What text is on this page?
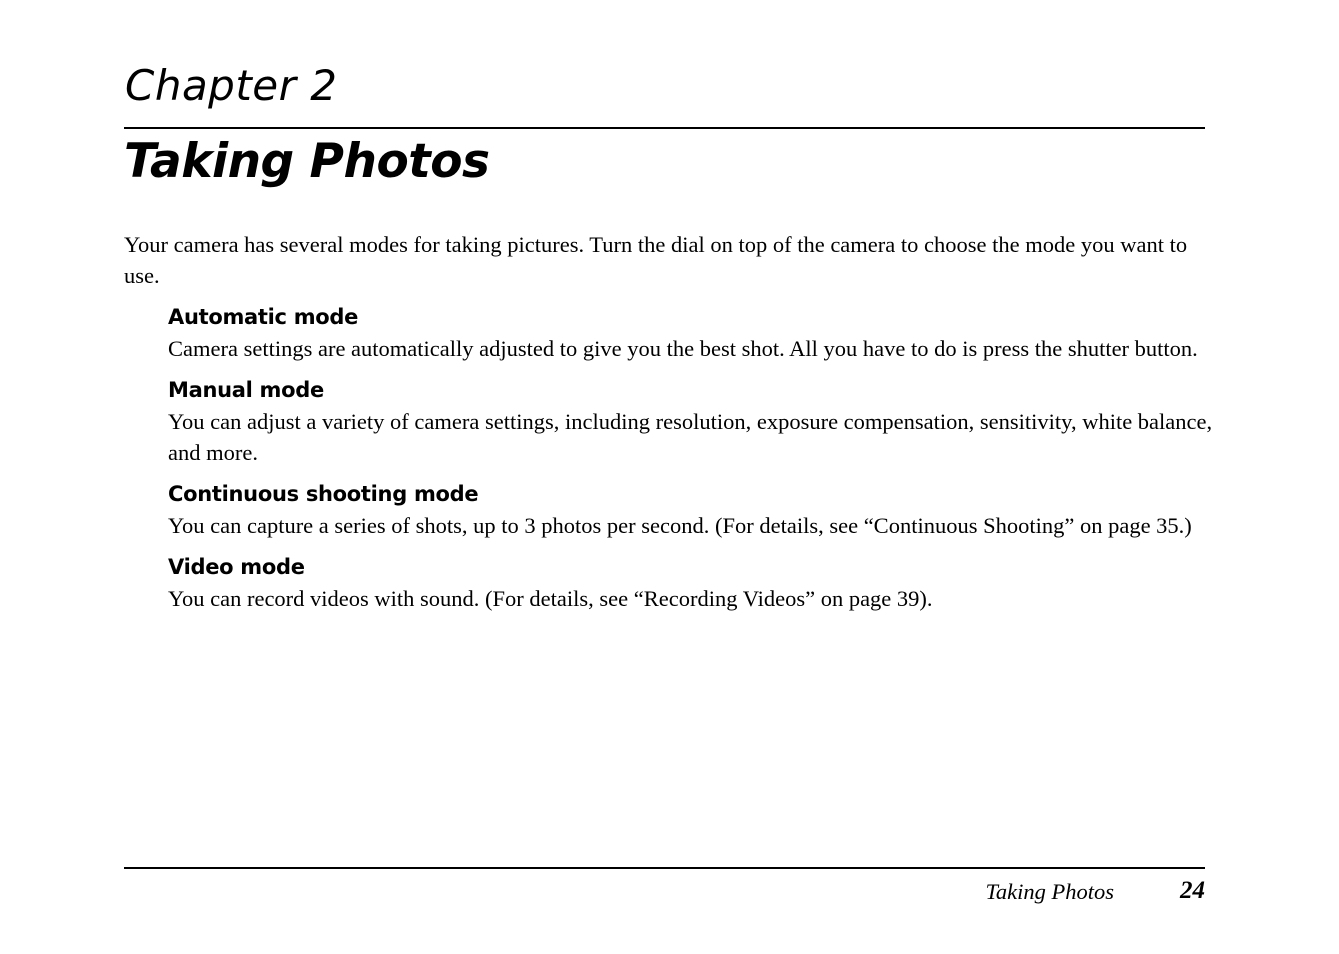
Chapter 2
Taking Photos

Your camera has several modes for taking pictures. Turn the dial on top of the camera to choose the mode you want to use.

Automatic mode

Camera settings are automatically adjusted to give you the best shot. All you have to do is press the shutter button.

Manual mode

You can adjust a variety of camera settings, including resolution, exposure compensation, sensitivity, white balance, and more.

Continuous shooting mode

You can capture a series of shots, up to 3 photos per second. (For details, see “Continuous Shooting” on page 35.)

Video mode

You can record videos with sound. (For details, see “Recording Videos” on page 39).

Taking Photos	24
